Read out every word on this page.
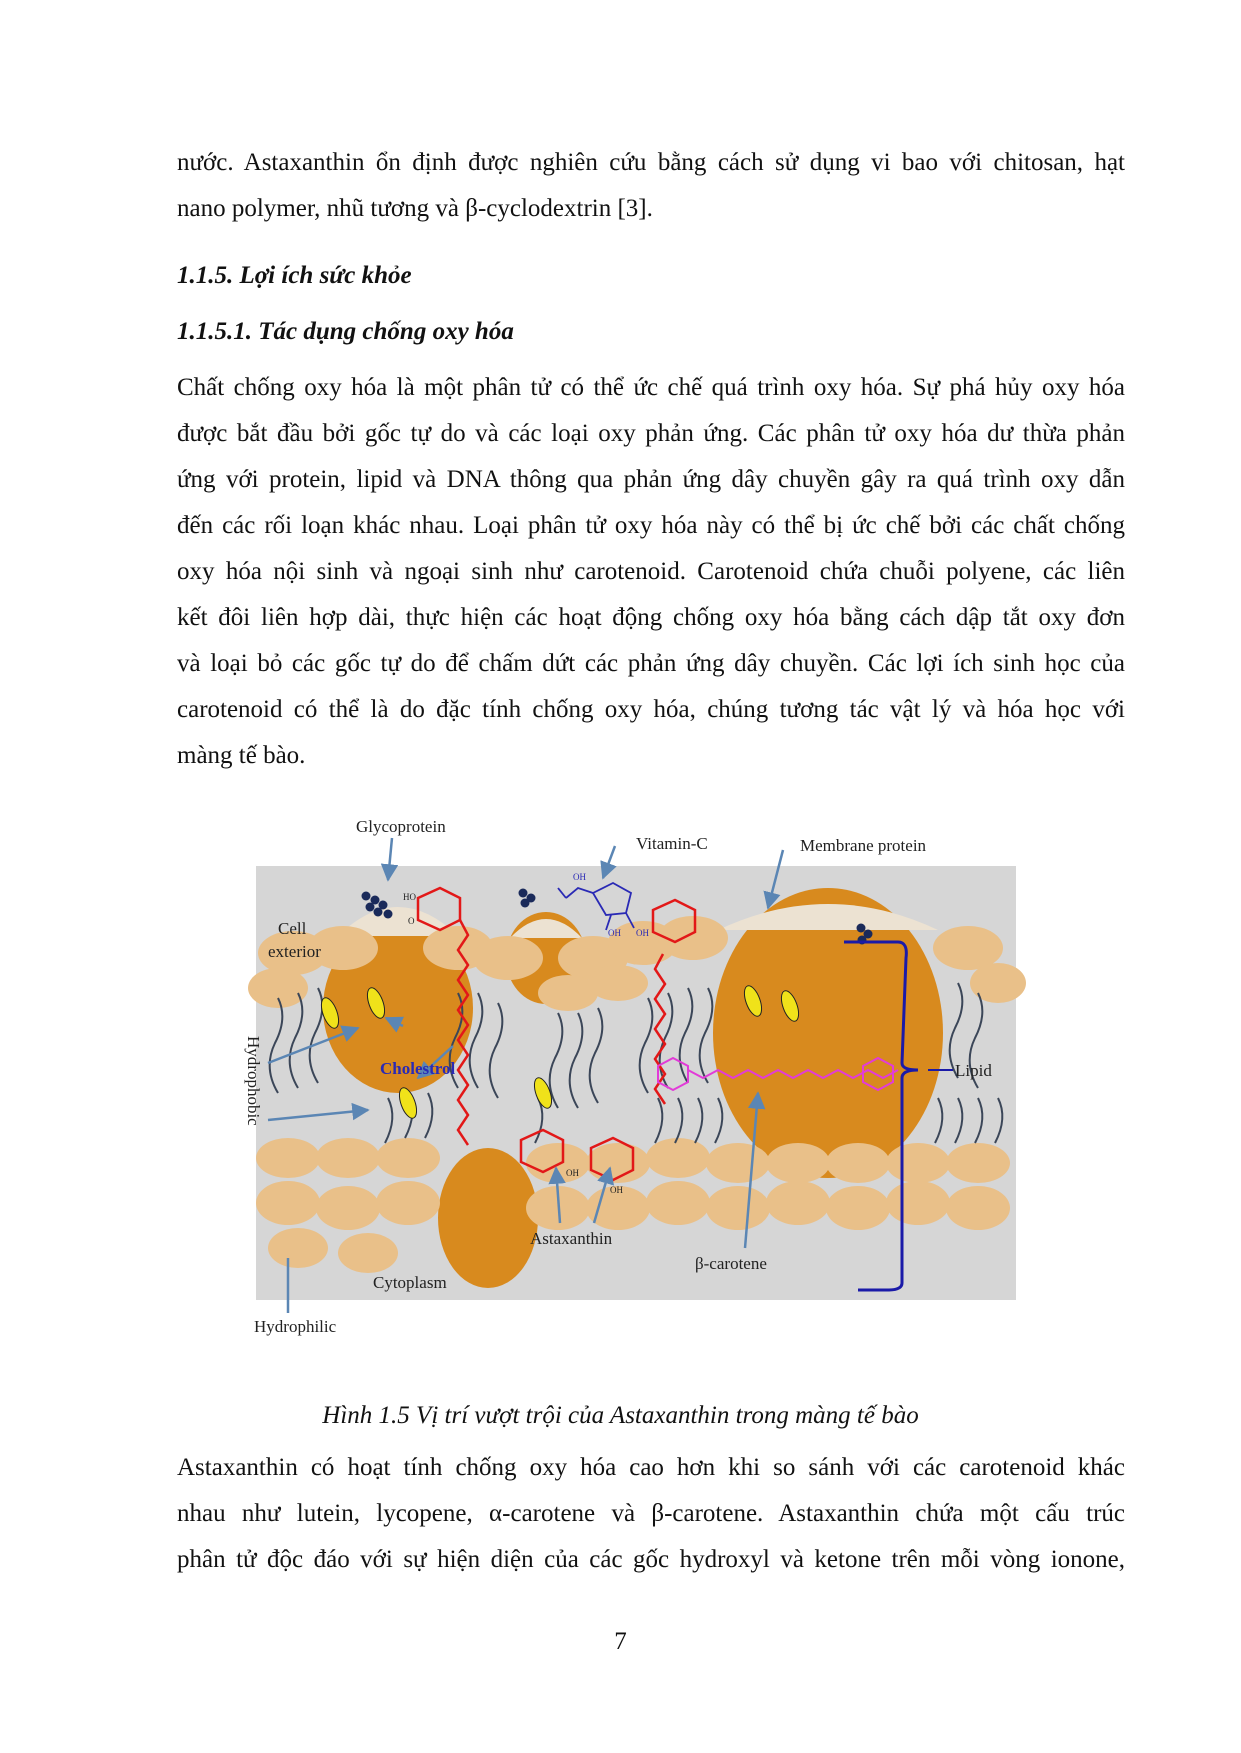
nước. Astaxanthin ổn định được nghiên cứu bằng cách sử dụng vi bao với chitosan, hạt
nano polymer, nhũ tương và β-cyclodextrin [3].
1.1.5. Lợi ích sức khỏe
1.1.5.1. Tác dụng chống oxy hóa
Chất chống oxy hóa là một phân tử có thể ức chế quá trình oxy hóa. Sự phá hủy oxy hóa
được bắt đầu bởi gốc tự do và các loại oxy phản ứng. Các phân tử oxy hóa dư thừa phản
ứng với protein, lipid và DNA thông qua phản ứng dây chuyền gây ra quá trình oxy dẫn
đến các rối loạn khác nhau. Loại phân tử oxy hóa này có thể bị ức chế bởi các chất chống
oxy hóa nội sinh và ngoại sinh như carotenoid. Carotenoid chứa chuỗi polyene, các liên
kết đôi liên hợp dài, thực hiện các hoạt động chống oxy hóa bằng cách dập tắt oxy đơn
và loại bỏ các gốc tự do để chấm dứt các phản ứng dây chuyền. Các lợi ích sinh học của
carotenoid có thể là do đặc tính chống oxy hóa, chúng tương tác vật lý và hóa học với
màng tế bào.
Glycoprotein
Vitamin-C	Membrane protein
Cell
exterior
Cholestrol
Hydrophobic	Lipid
Astaxanthin
β-carotene
Cytoplasm
Hydrophilic
HO
O
OH
OH
OH
OH OH

Hình 1.5 Vị trí vượt trội của Astaxanthin trong màng tế bào

Astaxanthin có hoạt tính chống oxy hóa cao hơn khi so sánh với các carotenoid khác
nhau như lutein, lycopene, α-carotene và β-carotene. Astaxanthin chứa một cấu trúc
phân tử độc đáo với sự hiện diện của các gốc hydroxyl và ketone trên mỗi vòng ionone,
7
